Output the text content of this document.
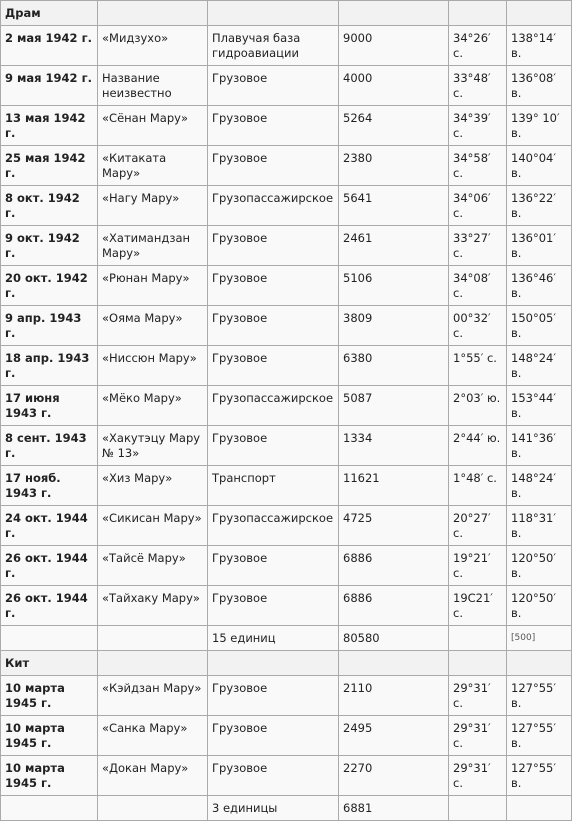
Драм					
2 мая 1942 г.	«Мидзухо»	Плавучая база гидроавиации	9000	34°26′ с.	138°14′ в.
9 мая 1942 г.	Название неизвестно	Грузовое	4000	33°48′ с.	136°08′ в.
13 мая 1942 г.	«Сёнан Мару»	Грузовое	5264	34°39′ с.	139° 10′ в.
25 мая 1942 г.	«Китаката Мару»	Грузовое	2380	34°58′ с.	140°04′ в.
8 окт. 1942 г.	«Нагу Мару»	Грузопассажирское	5641	34°06′ с.	136°22′ в.
9 окт. 1942 г.	«Хатимандзан Мару»	Грузовое	2461	33°27′ с.	136°01′ в.
20 окт. 1942 г.	«Рюнан Мару»	Грузовое	5106	34°08′ с.	136°46′ в.
9 апр. 1943 г.	«Ояма Мару»	Грузовое	3809	00°32′ с.	150°05′ в.
18 апр. 1943 г.	«Ниссюн Мару»	Грузовое	6380	1°55′ с.	148°24′ в.
17 июня 1943 г.	«Мёко Мару»	Грузопассажирское	5087	2°03′ ю.	153°44′ в.
8 сент. 1943 г.	«Хакутэцу Мару № 13»	Грузовое	1334	2°44′ ю.	141°36′ в.
17 нояб. 1943 г.	«Хиз Мару»	Транспорт	11621	1°48′ с.	148°24′ в.
24 окт. 1944 г.	«Сикисан Мару»	Грузопассажирское	4725	20°27′ с.	118°31′ в.
26 окт. 1944 г.	«Тайсё Мару»	Грузовое	6886	19°21′ с.	120°50′ в.
26 окт. 1944 г.	«Тайхаку Мару»	Грузовое	6886	19С21′ с.	120°50′ в.
		15 единиц	80580		[500]
Кит					
10 марта 1945 г.	«Кэйдзан Мару»	Грузовое	2110	29°31′ с.	127°55′ в.
10 марта 1945 г.	«Санка Мару»	Грузовое	2495	29°31′ с.	127°55′ в.
10 марта 1945 г.	«Докан Мару»	Грузовое	2270	29°31′ с.	127°55′ в.
		3 единицы	6881		
